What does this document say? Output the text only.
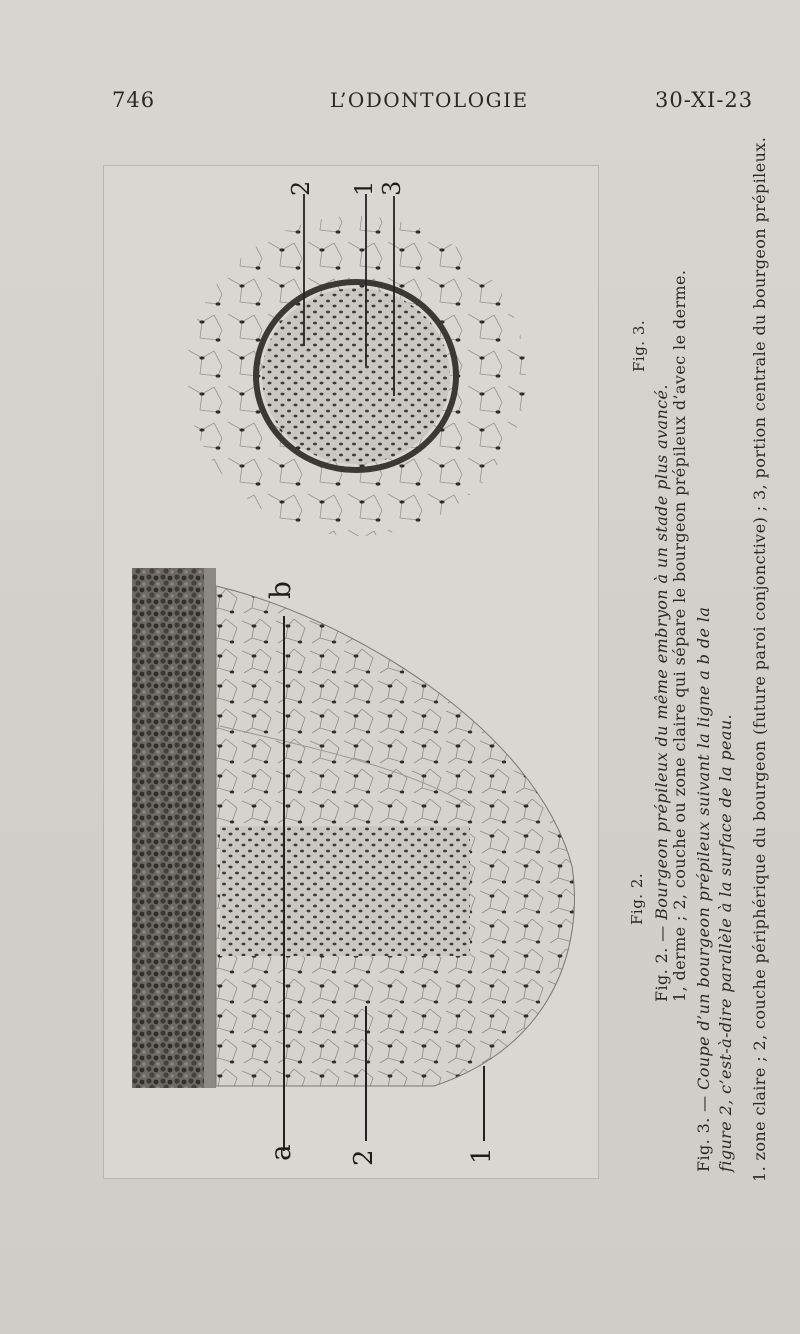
746	L’ODONTOLOGIE	30-XI-23
a
b
2	1
2 1 3
Fig. 2.
Fig. 3.
Fig. 2. — Bourgeon prépileux du même embryon à un stade plus avancé. 1, derme ; 2, couche ou zone claire qui sépare le bourgeon prépileux d’avec le derme.
Fig. 3. — Coupe d’un bourgeon prépileux suivant la ligne a b de la
figure 2, c’est-à-dire parallèle à la surface de la peau. 1. zone claire ; 2, couche périphérique du bourgeon (future paroi conjonctive) ; 3, portion centrale du bourgeon prépileux.
